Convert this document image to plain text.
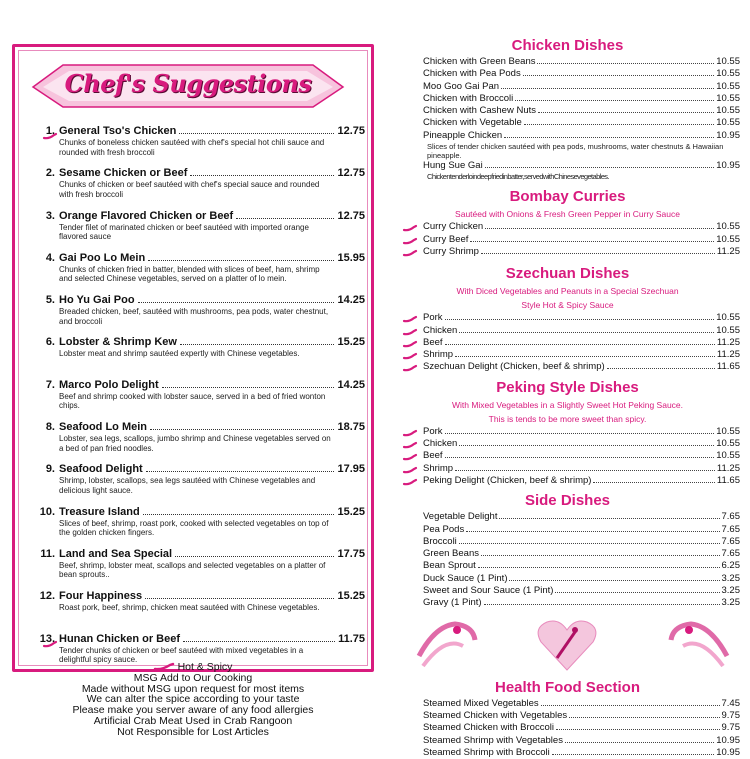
Chef's Suggestions
1. General Tso's Chicken	12.75
Chunks of boneless chicken sautéed with chef's special hot chili sauce and rounded with fresh broccoli
2. Sesame Chicken or Beef	12.75
Chunks of chicken or beef sautéed with chef's special sauce and rounded with fresh broccoli
3. Orange Flavored Chicken or Beef	12.75
Tender filet of marinated chicken or beef sautéed with imported orange flavored sauce
4. Gai Poo Lo Mein	15.95
Chunks of chicken fried in batter, blended with slices of beef, ham, shrimp and selected Chinese vegetables, served on a platter of lo mein.
5. Ho Yu Gai Poo	14.25
Breaded chicken, beef, sautéed with mushrooms, pea pods, water chestnut, and broccoli
6. Lobster & Shrimp Kew	15.25
Lobster meat and shrimp sautéed expertly with Chinese vegetables.
7. Marco Polo Delight	14.25
Beef and shrimp cooked with lobster sauce, served in a bed of fried wonton chips.
8. Seafood Lo Mein	18.75
Lobster, sea legs, scallops, jumbo shrimp and Chinese vegetables served on a bed of pan fried noodles.
9. Seafood Delight	17.95
Shrimp, lobster, scallops, sea legs sautéed with Chinese vegetables and delicious light sauce.
10. Treasure Island	15.25
Slices of beef, shrimp, roast pork, cooked with selected vegetables on top of the golden chicken fingers.
11. Land and Sea Special	17.75
Beef, shrimp, lobster meat, scallops and selected vegetables on a platter of bean sprouts..
12. Four Happiness	15.25
Roast pork, beef, shrimp, chicken meat sautéed with Chinese vegetables.
13. Hunan Chicken or Beef	11.75
Tender chunks of chicken or beef sautéed with mixed vegetables in a delightful spicy sauce.
Hot & Spicy
MSG Add to Our Cooking
Made without MSG upon request for most items
We can alter the spice according to your taste
Please make you server aware of any food allergies
Artificial Crab Meat Used in Crab Rangoon
Not Responsible for Lost Articles
Chicken Dishes
Chicken with Green Beans	10.55
Chicken with Pea Pods	10.55
Moo Goo Gai Pan	10.55
Chicken with Broccoli	10.55
Chicken with Cashew Nuts	10.55
Chicken with Vegetable	10.55
Pineapple Chicken	10.95
Slices of tender chicken sautéed with pea pods, mushrooms, water chestnuts & Hawaiian pineapple.
Hung Sue Gai	10.95
Chickentenderloindeepfriedinbatter,servedwithChinesevegetables.
Bombay Curries
Sautéed with Onions & Fresh Green Pepper in Curry Sauce
Curry Chicken	10.55
Curry Beef	10.55
Curry Shrimp	11.25
Szechuan Dishes
With Diced Vegetables and Peanuts in a Special Szechuan
Style Hot & Spicy Sauce
Pork	10.55
Chicken	10.55
Beef	11.25
Shrimp	11.25
Szechuan Delight (Chicken, beef & shrimp)	11.65
Peking Style Dishes
With Mixed Vegetables in a Slightly Sweet Hot Peking Sauce.
This is tends to be more sweet than spicy.
Pork	10.55
Chicken	10.55
Beef	10.55
Shrimp	11.25
Peking Delight (Chicken, beef & shrimp)	11.65
Side Dishes
Vegetable Delight	7.65
Pea Pods	7.65
Broccoli	7.65
Green Beans	7.65
Bean Sprout	6.25
Duck Sauce (1 Pint)	3.25
Sweet and Sour Sauce (1 Pint)	3.25
Gravy (1 Pint)	3.25
Health Food Section
Steamed Mixed Vegetables	7.45
Steamed Chicken with Vegetables	9.75
Steamed Chicken with Broccoli	9.75
Steamed Shrimp with Vegetables	10.95
Steamed Shrimp with Broccoli	10.95
